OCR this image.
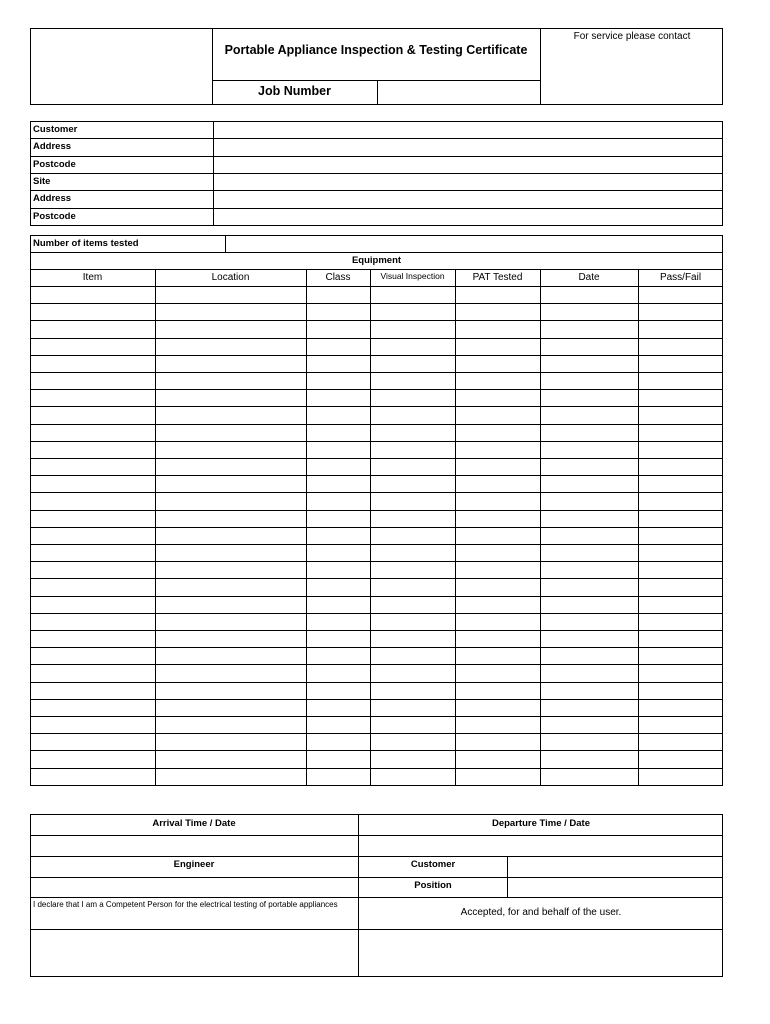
Portable Appliance Inspection & Testing Certificate
For service please contact
Job Number
Customer
Address
Postcode
Site
Address
Postcode
Number of items tested
Equipment
Item	Location	Class	Visual Inspection	PAT Tested	Date	Pass/Fail
Arrival Time / Date	Departure Time / Date
Engineer	Customer
Position
I declare that I am a Competent Person for the electrical testing of portable appliances
Accepted, for and behalf of the user.
